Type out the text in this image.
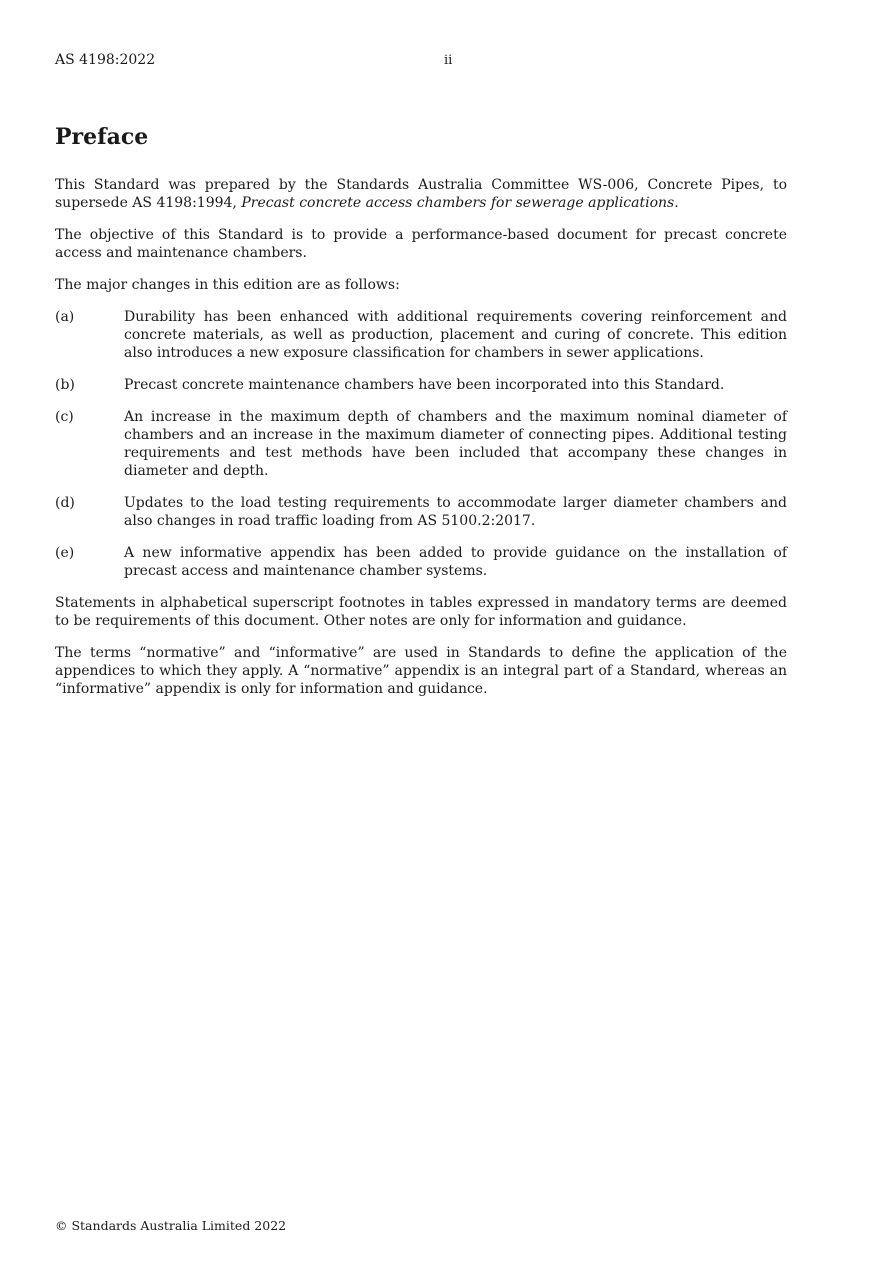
AS 4198:2022	ii
Preface

This Standard was prepared by the Standards Australia Committee WS-006, Concrete Pipes, to supersede AS 4198:1994, Precast concrete access chambers for sewerage applications.

The objective of this Standard is to provide a performance-based document for precast concrete access and maintenance chambers.

The major changes in this edition are as follows:

(a)	Durability has been enhanced with additional requirements covering reinforcement and concrete materials, as well as production, placement and curing of concrete. This edition also introduces a new exposure classification for chambers in sewer applications.
(b)	Precast concrete maintenance chambers have been incorporated into this Standard.
(c)	An increase in the maximum depth of chambers and the maximum nominal diameter of chambers and an increase in the maximum diameter of connecting pipes. Additional testing requirements and test methods have been included that accompany these changes in diameter and depth.
(d)	Updates to the load testing requirements to accommodate larger diameter chambers and also changes in road traffic loading from AS 5100.2:2017.
(e)	A new informative appendix has been added to provide guidance on the installation of precast access and maintenance chamber systems.

Statements in alphabetical superscript footnotes in tables expressed in mandatory terms are deemed to be requirements of this document. Other notes are only for information and guidance.

The terms “normative” and “informative” are used in Standards to define the application of the appendices to which they apply. A “normative” appendix is an integral part of a Standard, whereas an “informative” appendix is only for information and guidance.

© Standards Australia Limited 2022
